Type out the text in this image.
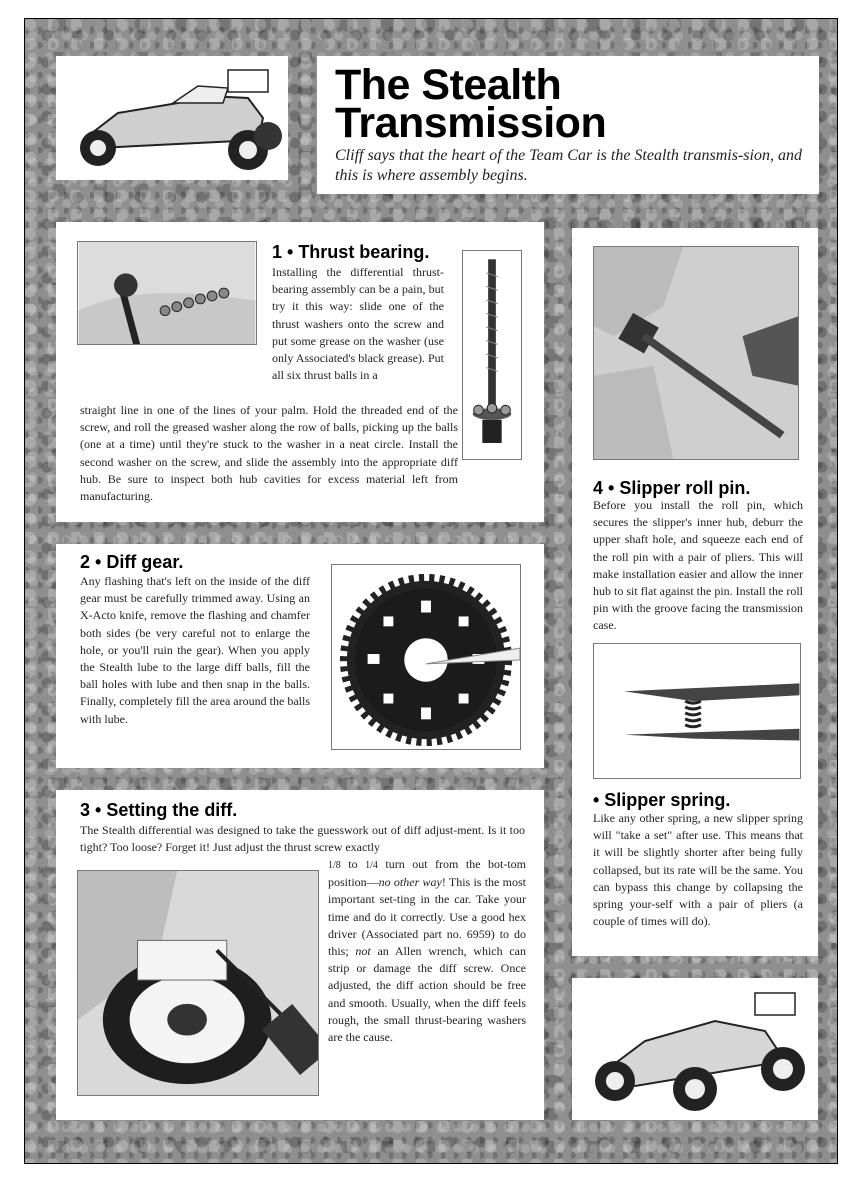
The Stealth
Transmission
Cliff says that the heart of the Team Car is the Stealth transmis-sion, and this is where assembly begins.
1 • Thrust bearing.
Installing the differential thrust-bearing assembly can be a pain, but try it this way: slide one of the thrust washers onto the screw and put some grease on the washer (use only Associated's black grease). Put all six thrust balls in a
straight line in one of the lines of your palm. Hold the threaded end of the screw, and roll the greased washer along the row of balls, picking up the balls (one at a time) until they're stuck to the washer in a neat circle. Install the second washer on the screw, and slide the assembly into the appropriate diff hub. Be sure to inspect both hub cavities for excess material left from manufacturing.
2 • Diff gear.
Any flashing that's left on the inside of the diff gear must be carefully trimmed away. Using an X-Acto knife, remove the flashing and chamfer both sides (be very careful not to enlarge the hole, or you'll ruin the gear). When you apply the Stealth lube to the large diff balls, fill the ball holes with lube and then snap in the balls. Finally, completely fill the area around the balls with lube.
3 • Setting the diff.
The Stealth differential was designed to take the guesswork out of diff adjust-ment. Is it too tight? Too loose? Forget it! Just adjust the thrust screw exactly
1/8 to 1/4 turn out from the bot-tom position—no other way! This is the most important set-ting in the car. Take your time and do it correctly. Use a good hex driver (Associated part no. 6959) to do this; not an Allen wrench, which can strip or damage the diff screw. Once adjusted, the diff action should be free and smooth. Usually, when the diff feels rough, the small thrust-bearing washers are the cause.
4 • Slipper roll pin.
Before you install the roll pin, which secures the slipper's inner hub, deburr the upper shaft hole, and squeeze each end of the roll pin with a pair of pliers. This will make installation easier and allow the inner hub to sit flat against the pin. Install the roll pin with the groove facing the transmission case.
• Slipper spring.
Like any other spring, a new slipper spring will "take a set" after use. This means that it will be slightly shorter after being fully collapsed, but its rate will be the same. You can bypass this change by collapsing the spring your-self with a pair of pliers (a couple of times will do).
